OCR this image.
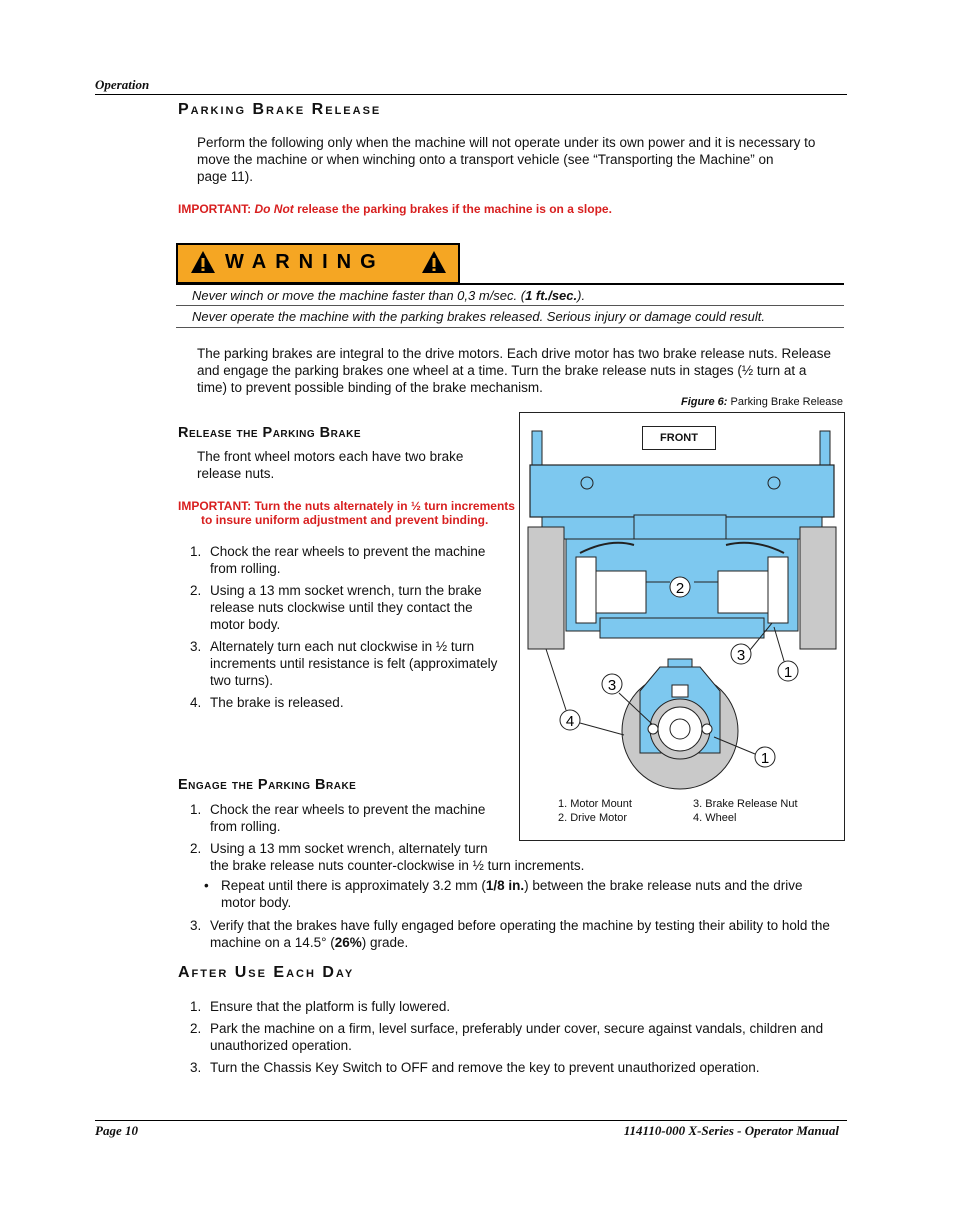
Operation
Parking Brake Release
Perform the following only when the machine will not operate under its own power and it is necessary to
move the machine or when winching onto a transport vehicle (see “Transporting the Machine” on
page 11).
IMPORTANT: Do Not release the parking brakes if the machine is on a slope.
WARNING
Never winch or move the machine faster than 0,3 m/sec. (1 ft./sec.).
Never operate the machine with the parking brakes released. Serious injury or damage could result.
The parking brakes are integral to the drive motors. Each drive motor has two brake release nuts. Release
and engage the parking brakes one wheel at a time. Turn the brake release nuts in stages (½ turn at a
time) to prevent possible binding of the brake mechanism.
Figure 6: Parking Brake Release
2
3
1
3
4
1
FRONT
1. Motor Mount
2. Drive Motor
3. Brake Release Nut
4. Wheel
Release the Parking Brake
The front wheel motors each have two brake
release nuts.
IMPORTANT: Turn the nuts alternately in ½ turn increments
to insure uniform adjustment and prevent binding.
1. Chock the rear wheels to prevent the machine
from rolling.
2. Using a 13 mm socket wrench, turn the brake
release nuts clockwise until they contact the
motor body.
3. Alternately turn each nut clockwise in ½ turn
increments until resistance is felt (approximately
two turns).
4. The brake is released.
Engage the Parking Brake
1. Chock the rear wheels to prevent the machine
from rolling.
2. Using a 13 mm socket wrench, alternately turn
the brake release nuts counter-clockwise in ½ turn increments.
• Repeat until there is approximately 3.2 mm (1/8 in.) between the brake release nuts and the drive
motor body.
3. Verify that the brakes have fully engaged before operating the machine by testing their ability to hold the
machine on a 14.5° (26%) grade.
After Use Each Day
1. Ensure that the platform is fully lowered.
2. Park the machine on a firm, level surface, preferably under cover, secure against vandals, children and
unauthorized operation.
3. Turn the Chassis Key Switch to OFF and remove the key to prevent unauthorized operation.
Page 10	114110-000 X-Series - Operator Manual
